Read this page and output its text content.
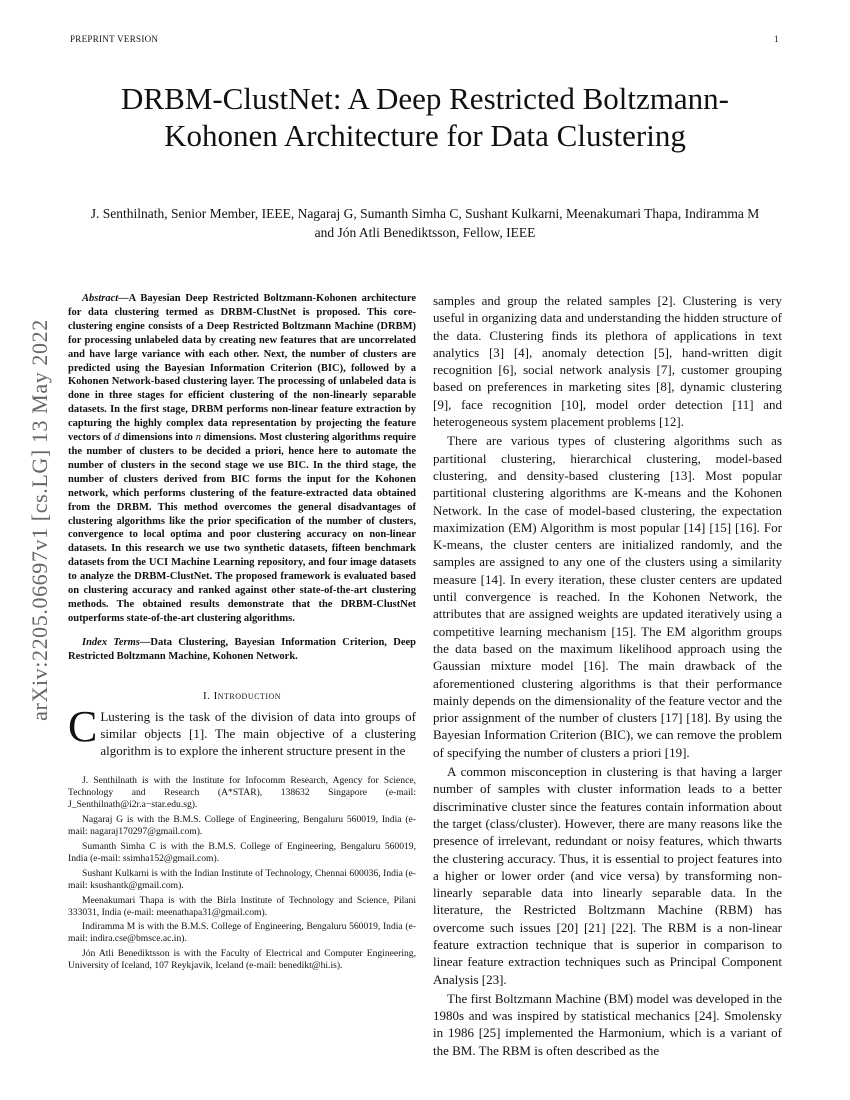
PREPRINT VERSION	1
arXiv:2205.06697v1 [cs.LG] 13 May 2022
DRBM-ClustNet: A Deep Restricted Boltzmann-Kohonen Architecture for Data Clustering

J. Senthilnath, Senior Member, IEEE, Nagaraj G, Sumanth Simha C, Sushant Kulkarni, Meenakumari Thapa, Indiramma M and Jón Atli Benediktsson, Fellow, IEEE

Abstract—A Bayesian Deep Restricted Boltzmann-Kohonen architecture for data clustering termed as DRBM-ClustNet is proposed. This core-clustering engine consists of a Deep Restricted Boltzmann Machine (DRBM) for processing unlabeled data by creating new features that are uncorrelated and have large variance with each other. Next, the number of clusters are predicted using the Bayesian Information Criterion (BIC), followed by a Kohonen Network-based clustering layer. The processing of unlabeled data is done in three stages for efficient clustering of the non-linearly separable datasets. In the first stage, DRBM performs non-linear feature extraction by capturing the highly complex data representation by projecting the feature vectors of d dimensions into n dimensions. Most clustering algorithms require the number of clusters to be decided a priori, hence here to automate the number of clusters in the second stage we use BIC. In the third stage, the number of clusters derived from BIC forms the input for the Kohonen network, which performs clustering of the feature-extracted data obtained from the DRBM. This method overcomes the general disadvantages of clustering algorithms like the prior specification of the number of clusters, convergence to local optima and poor clustering accuracy on non-linear datasets. In this research we use two synthetic datasets, fifteen benchmark datasets from the UCI Machine Learning repository, and four image datasets to analyze the DRBM-ClustNet. The proposed framework is evaluated based on clustering accuracy and ranked against other state-of-the-art clustering methods. The obtained results demonstrate that the DRBM-ClustNet outperforms state-of-the-art clustering algorithms.

Index Terms—Data Clustering, Bayesian Information Criterion, Deep Restricted Boltzmann Machine, Kohonen Network.

I. Introduction

C Lustering is the task of the division of data into groups of similar objects [1]. The main objective of a clustering algorithm is to explore the inherent structure present in the

J. Senthilnath is with the Institute for Infocomm Research, Agency for Science, Technology and Research (A*STAR), 138632 Singapore (e-mail: J_Senthilnath@i2r.a−star.edu.sg).

Nagaraj G is with the B.M.S. College of Engineering, Bengaluru 560019, India (e-mail: nagaraj170297@gmail.com).

Sumanth Simha C is with the B.M.S. College of Engineering, Bengaluru 560019, India (e-mail: ssimha152@gmail.com).

Sushant Kulkarni is with the Indian Institute of Technology, Chennai 600036, India (e-mail: ksushantk@gmail.com).

Meenakumari Thapa is with the Birla Institute of Technology and Science, Pilani 333031, India (e-mail: meenathapa31@gmail.com).

Indiramma M is with the B.M.S. College of Engineering, Bengaluru 560019, India (e-mail: indira.cse@bmsce.ac.in).

Jón Atli Benediktsson is with the Faculty of Electrical and Computer Engineering, University of Iceland, 107 Reykjavik, Iceland (e-mail: benedikt@hi.is).

samples and group the related samples [2]. Clustering is very useful in organizing data and understanding the hidden structure of the data. Clustering finds its plethora of applications in text analytics [3] [4], anomaly detection [5], hand-written digit recognition [6], social network analysis [7], customer grouping based on preferences in marketing sites [8], dynamic clustering [9], face recognition [10], model order detection [11] and heterogeneous system placement problems [12].

There are various types of clustering algorithms such as partitional clustering, hierarchical clustering, model-based clustering, and density-based clustering [13]. Most popular partitional clustering algorithms are K-means and the Kohonen Network. In the case of model-based clustering, the expectation maximization (EM) Algorithm is most popular [14] [15] [16]. For K-means, the cluster centers are initialized randomly, and the samples are assigned to any one of the clusters using a similarity measure [14]. In every iteration, these cluster centers are updated until convergence is reached. In the Kohonen Network, the attributes that are assigned weights are updated iteratively using a competitive learning mechanism [15]. The EM algorithm groups the data based on the maximum likelihood approach using the Gaussian mixture model [16]. The main drawback of the aforementioned clustering algorithms is that their performance mainly depends on the dimensionality of the feature vector and the prior assignment of the number of clusters [17] [18]. By using the Bayesian Information Criterion (BIC), we can remove the problem of specifying the number of clusters a priori [19].

A common misconception in clustering is that having a larger number of samples with cluster information leads to a better discriminative cluster since the features contain information about the target (class/cluster). However, there are many reasons like the presence of irrelevant, redundant or noisy features, which thwarts the clustering accuracy. Thus, it is essential to project features into a higher or lower order (and vice versa) by transforming non-linearly separable data into linearly separable data. In the literature, the Restricted Boltzmann Machine (RBM) has overcome such issues [20] [21] [22]. The RBM is a non-linear feature extraction technique that is superior in comparison to linear feature extraction techniques such as Principal Component Analysis [23].

The first Boltzmann Machine (BM) model was developed in the 1980s and was inspired by statistical mechanics [24]. Smolensky in 1986 [25] implemented the Harmonium, which is a variant of the BM. The RBM is often described as the
